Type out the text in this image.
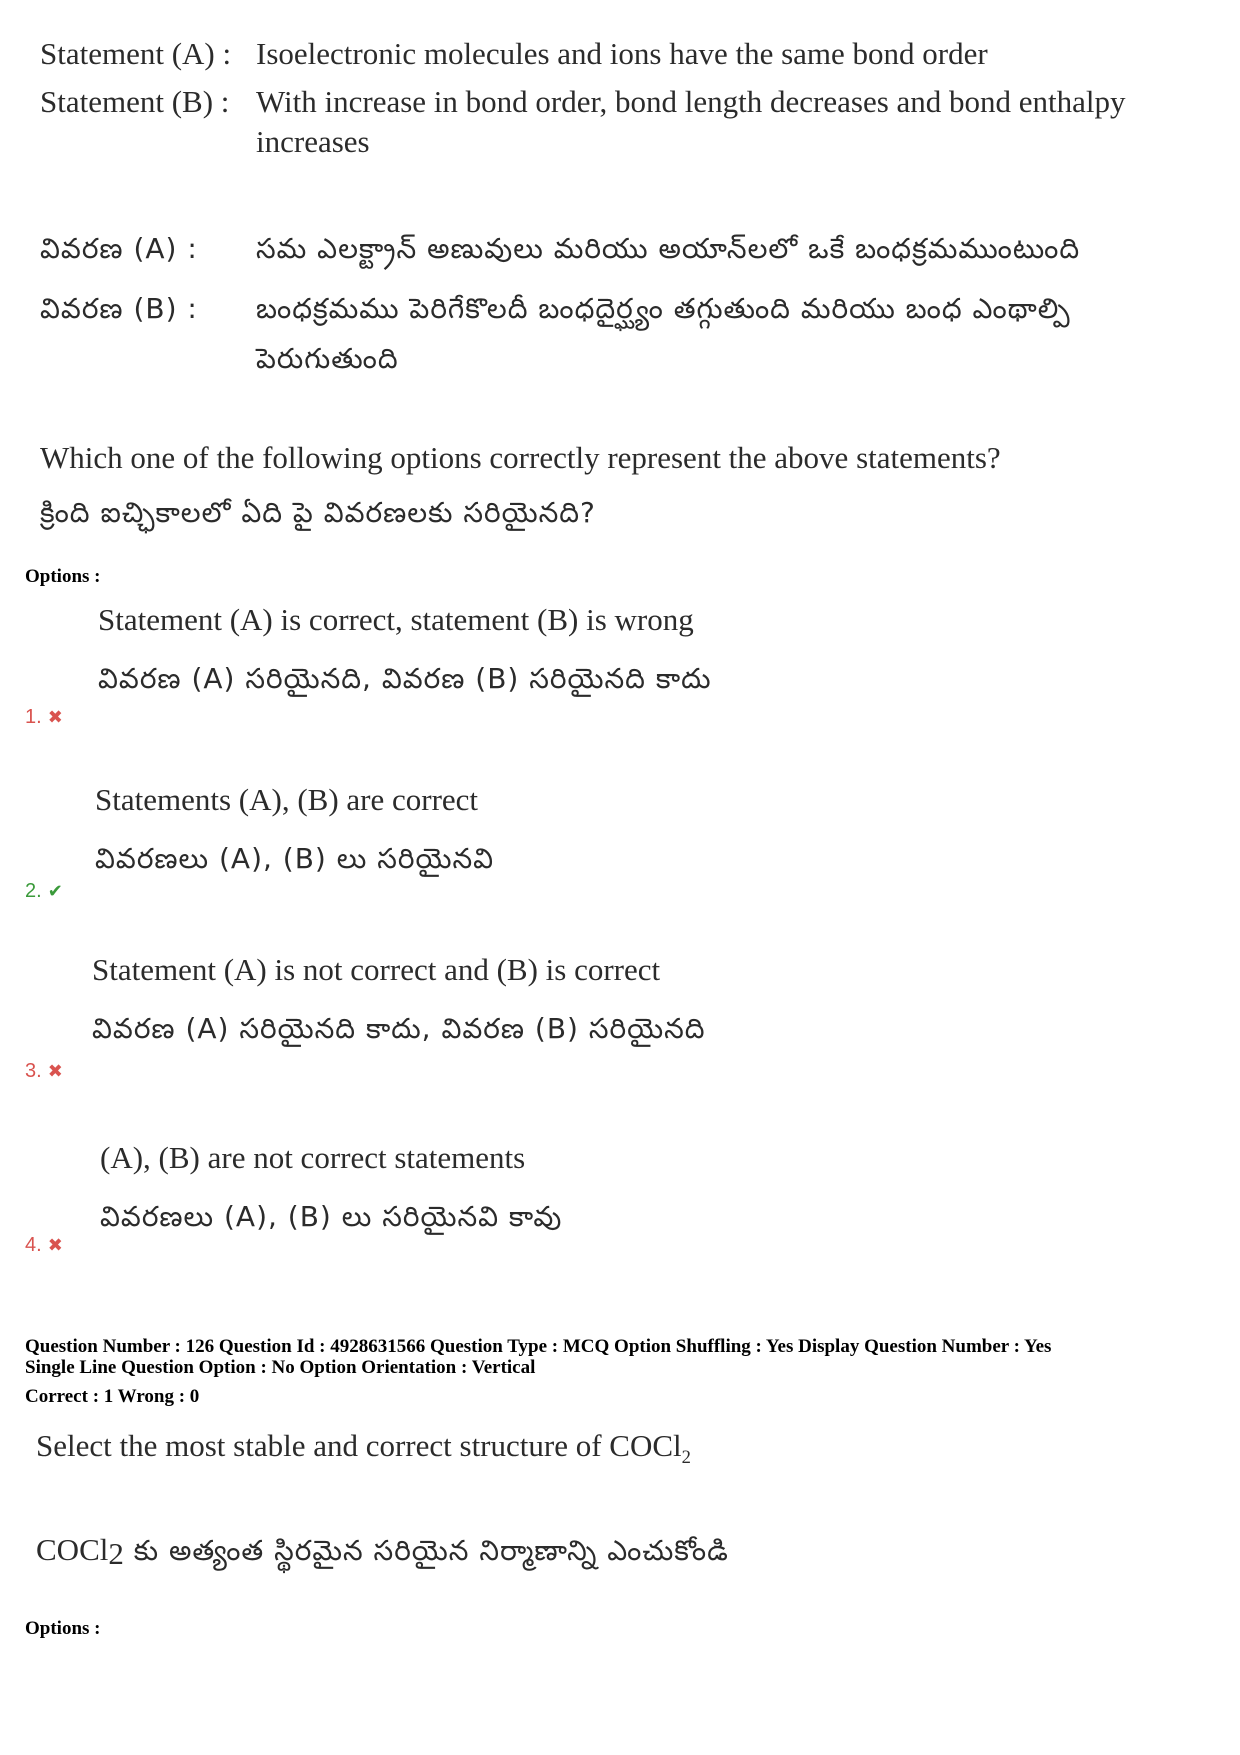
Statement (A) : Isoelectronic molecules and ions have the same bond order
Statement (B) : With increase in bond order, bond length decreases and bond enthalpy
increases
వివరణ (A) : సమ ఎలక్ట్రాన్ అణువులు మరియు అయాన్‌లలో ఒకే బంధక్రమముంటుంది
వివరణ (B) : బంధక్రమము పెరిగేకొలదీ బంధదైర్ఘ్యం తగ్గుతుంది మరియు బంధ ఎంథాల్పి
పెరుగుతుంది
Which one of the following options correctly represent the above statements?
క్రింది ఐచ్ఛికాలలో ఏది పై వివరణలకు సరియైనది?
Options :
Statement (A) is correct, statement (B) is wrong
వివరణ (A) సరియైనది, వివరణ (B) సరియైనది కాదు
1. ✖
Statements (A), (B) are correct
వివరణలు (A), (B) లు సరియైనవి
2. ✔
Statement (A) is not correct and (B) is correct
వివరణ (A) సరియైనది కాదు, వివరణ (B) సరియైనది
3. ✖
(A), (B) are not correct statements
వివరణలు (A), (B) లు సరియైనవి కావు
4. ✖
Question Number : 126 Question Id : 4928631566 Question Type : MCQ Option Shuffling : Yes Display Question Number : Yes
Single Line Question Option : No Option Orientation : Vertical
Correct : 1 Wrong : 0
Select the most stable and correct structure of COCl$_2$
COCl$_2$ కు అత్యంత స్థిరమైన సరియైన నిర్మాణాన్ని ఎంచుకోండి
Options :
